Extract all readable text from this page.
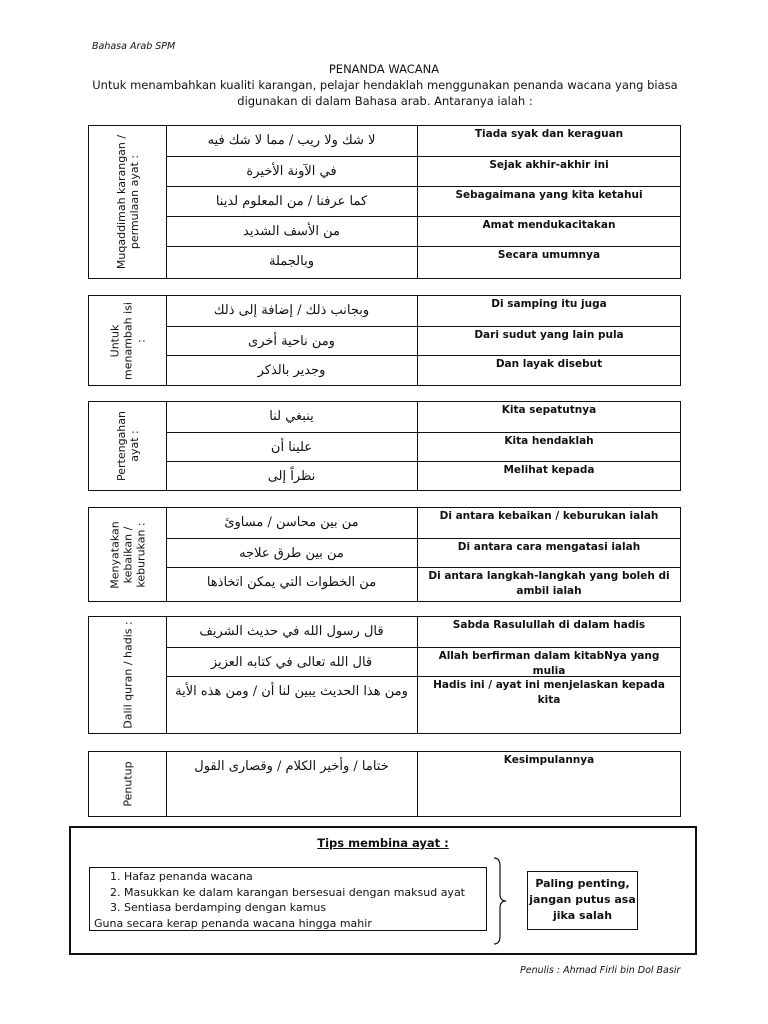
Bahasa Arab SPM
PENANDA WACANA
Untuk menambahkan kualiti karangan, pelajar hendaklah menggunakan penanda wacana yang biasa digunakan di dalam Bahasa arab. Antaranya ialah :
Muqaddimah karangan / permulaan ayat :
لا شك ولا ريب / مما لا شك فيه	Tiada syak dan keraguan
في الآونة الأخيرة	Sejak akhir-akhir ini
كما عرفنا / من المعلوم لدينا	Sebagaimana yang kita ketahui
من الأسف الشديد	Amat mendukacitakan
وبالجملة	Secara umumnya
Untuk menambah isi :
وبجانب ذلك / إضافة إلى ذلك	Di samping itu juga
ومن ناحية أخرى	Dari sudut yang lain pula
وجدير بالذكر	Dan layak disebut
Pertengahan ayat :
ينبغي لنا	Kita sepatutnya
علينا أن	Kita hendaklah
نظراً إلى	Melihat kepada
Menyatakan kebaikan / keburukan :	من بين محاسن / مساوئ	Di antara kebaikan / keburukan ialah
من بين طرق علاجه	Di antara cara mengatasi ialah
من الخطوات التي يمكن اتخاذها	Di antara langkah-langkah yang boleh di ambil ialah
Dalil quran / hadis :	قال رسول الله في حديث الشريف	Sabda Rasulullah di dalam hadis
قال الله تعالى في كتابه العزيز	Allah berfirman dalam kitabNya yang mulia
ومن هذا الحديث يبين لنا أن / ومن هذه الأية	Hadis ini / ayat ini menjelaskan kepada kita
Penutup	ختاما / وأخير الكلام / وقصارى القول	Kesimpulannya
Tips membina ayat :
1. Hafaz penanda wacana
2. Masukkan ke dalam karangan bersesuai dengan maksud ayat
3. Sentiasa berdamping dengan kamus
Guna secara kerap penanda wacana hingga mahir
Paling penting, jangan putus asa jika salah
Penulis : Ahmad Firli bin Dol Basir
